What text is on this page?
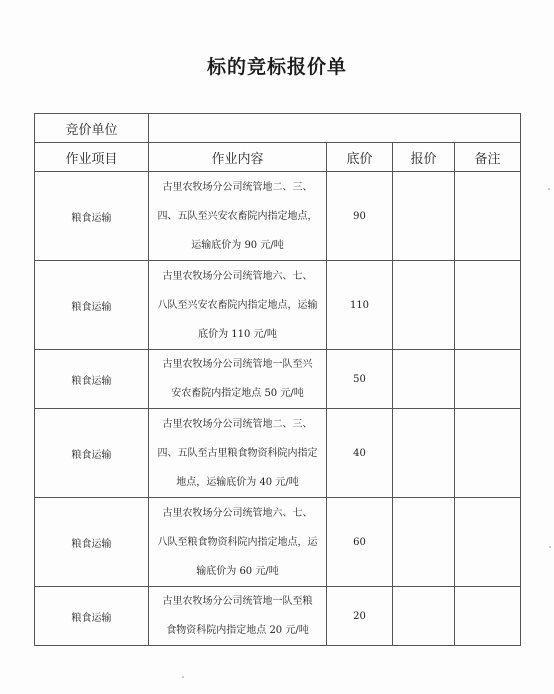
标的竞标报价单
竞价单位				
作业项目	作业内容	底价	报价	备注
粮食运输	古里农牧场分公司统管地二、三、
四、五队至兴安农畜院内指定地点，
运输底价为 90 元/吨	90		
粮食运输	古里农牧场分公司统管地六、七、
八队至兴安农畜院内指定地点，运输
底价为 110 元/吨	110		
粮食运输	古里农牧场分公司统管地一队至兴
安农畜院内指定地点 50 元/吨	50		
粮食运输	古里农牧场分公司统管地二、三、
四、五队至古里粮食物资科院内指定
地点，运输底价为 40 元/吨	40		
粮食运输	古里农牧场分公司统管地六、七、
八队至粮食物资科院内指定地点，运
输底价为 60 元/吨	60		
粮食运输	古里农牧场分公司统管地一队至粮
食物资科院内指定地点 20 元/吨	20		
